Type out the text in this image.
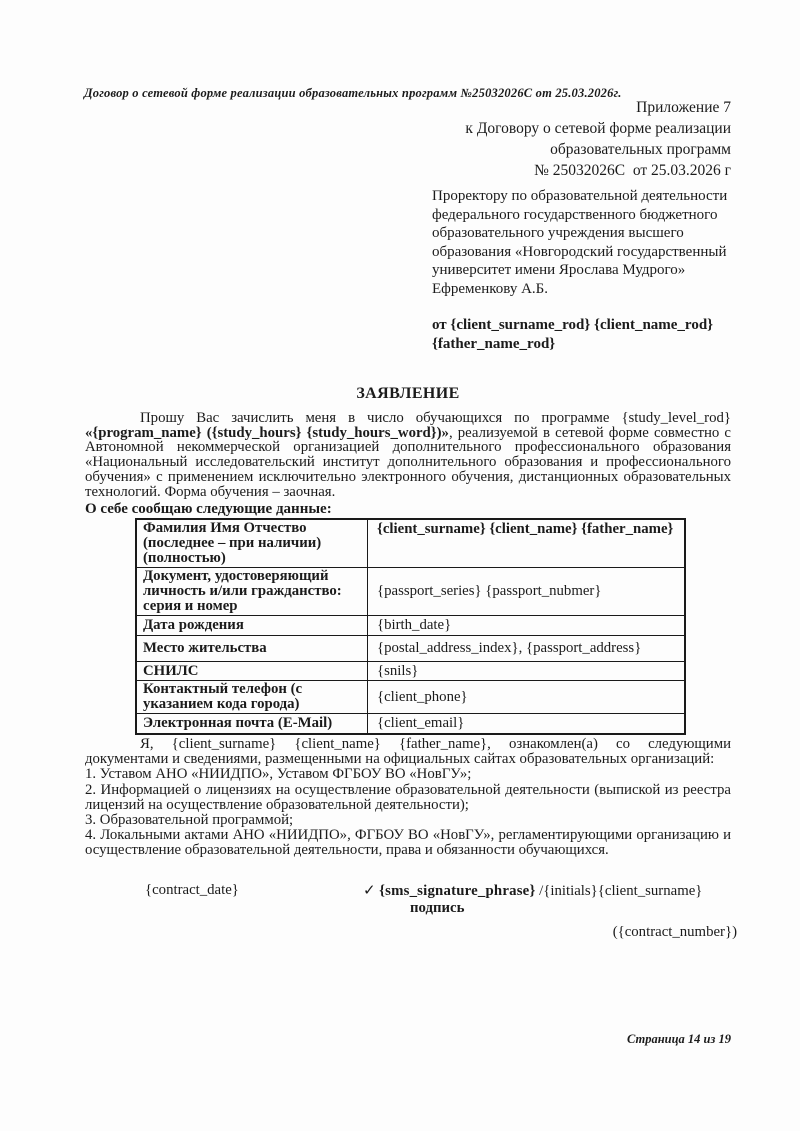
Договор о сетевой форме реализации образовательных программ №25032026С от 25.03.2026г.
Приложение 7
к Договору о сетевой форме реализации
образовательных программ
№ 25032026С  от 25.03.2026 г
Проректору по образовательной деятельности
федерального государственного бюджетного
образовательного учреждения высшего
образования «Новгородский государственный
университет имени Ярослава Мудрого»
Ефременкову А.Б.
от {client_surname_rod} {client_name_rod}
{father_name_rod}
ЗАЯВЛЕНИЕ

Прошу Вас зачислить меня в число обучающихся по программе {study_level_rod} «{program_name} ({study_hours} {study_hours_word})», реализуемой в сетевой форме совместно с Автономной некоммерческой организацией дополнительного профессионального образования «Национальный исследовательский институт дополнительного образования и профессионального обучения» с применением исключительно электронного обучения, дистанционных образовательных технологий. Форма обучения – заочная.

О себе сообщаю следующие данные:
Фамилия Имя Отчество (последнее – при наличии) (полностью)	{client_surname} {client_name} {father_name}
Документ, удостоверяющий личность и/или гражданство: серия и номер	{passport_series} {passport_nubmer}
Дата рождения	{birth_date}
Место жительства	{postal_address_index}, {passport_address}
СНИЛС	{snils}
Контактный телефон (с указанием кода города)	{client_phone}
Электронная почта (E-Mail)	{client_email}
Я, {client_surname} {client_name} {father_name}, ознакомлен(а) со следующими документами и сведениями, размещенными на официальных сайтах образовательных организаций:
1. Уставом АНО «НИИДПО», Уставом ФГБОУ ВО «НовГУ»;
2. Информацией о лицензиях на осуществление образовательной деятельности (выпиской из реестра лицензий на осуществление образовательной деятельности);
3. Образовательной программой;
4. Локальными актами АНО «НИИДПО», ФГБОУ ВО «НовГУ», регламентирующими организацию и осуществление образовательной деятельности, права и обязанности обучающихся.
{contract_date}	✓ {sms_signature_phrase} /{initials}{client_surname}
подпись
({contract_number})
Страница 14 из 19
